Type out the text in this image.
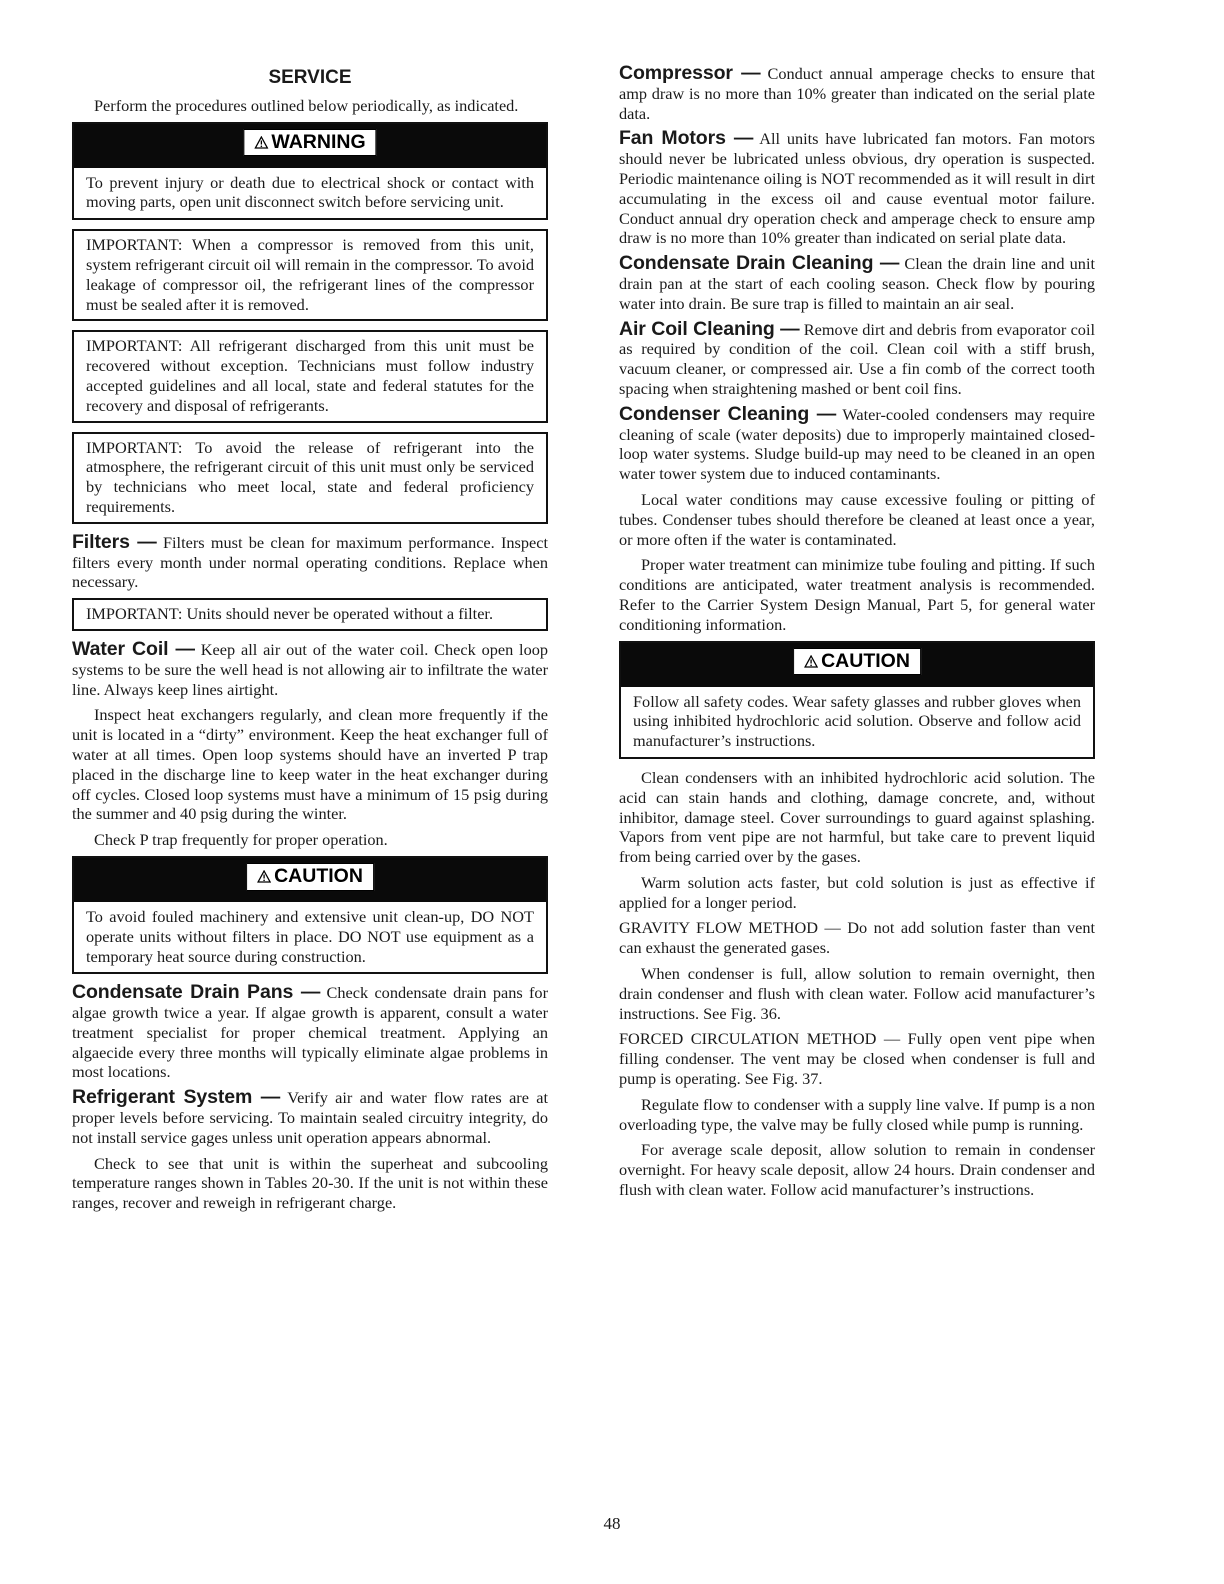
SERVICE

Perform the procedures outlined below periodically, as indicated.

WARNING

To prevent injury or death due to electrical shock or contact with moving parts, open unit disconnect switch before servicing unit.

IMPORTANT: When a compressor is removed from this unit, system refrigerant circuit oil will remain in the compressor. To avoid leakage of compressor oil, the refrigerant lines of the compressor must be sealed after it is removed.

IMPORTANT: All refrigerant discharged from this unit must be recovered without exception. Technicians must follow industry accepted guidelines and all local, state and federal statutes for the recovery and disposal of refrigerants.

IMPORTANT: To avoid the release of refrigerant into the atmosphere, the refrigerant circuit of this unit must only be serviced by technicians who meet local, state and federal proficiency requirements.

Filters — Filters must be clean for maximum performance. Inspect filters every month under normal operating conditions. Replace when necessary.

IMPORTANT: Units should never be operated without a filter.

Water Coil — Keep all air out of the water coil. Check open loop systems to be sure the well head is not allowing air to infiltrate the water line. Always keep lines airtight.

Inspect heat exchangers regularly, and clean more frequently if the unit is located in a “dirty” environment. Keep the heat exchanger full of water at all times. Open loop systems should have an inverted P trap placed in the discharge line to keep water in the heat exchanger during off cycles. Closed loop systems must have a minimum of 15 psig during the summer and 40 psig during the winter.

Check P trap frequently for proper operation.

CAUTION

To avoid fouled machinery and extensive unit clean-up, DO NOT operate units without filters in place. DO NOT use equipment as a temporary heat source during construction.

Condensate Drain Pans — Check condensate drain pans for algae growth twice a year. If algae growth is apparent, consult a water treatment specialist for proper chemical treatment. Applying an algaecide every three months will typically eliminate algae problems in most locations.

Refrigerant System — Verify air and water flow rates are at proper levels before servicing. To maintain sealed circuitry integrity, do not install service gages unless unit operation appears abnormal.

Check to see that unit is within the superheat and subcooling temperature ranges shown in Tables 20-30. If the unit is not within these ranges, recover and reweigh in refrigerant charge.

Compressor — Conduct annual amperage checks to ensure that amp draw is no more than 10% greater than indicated on the serial plate data.

Fan Motors — All units have lubricated fan motors. Fan motors should never be lubricated unless obvious, dry operation is suspected. Periodic maintenance oiling is NOT recommended as it will result in dirt accumulating in the excess oil and cause eventual motor failure. Conduct annual dry operation check and amperage check to ensure amp draw is no more than 10% greater than indicated on serial plate data.

Condensate Drain Cleaning — Clean the drain line and unit drain pan at the start of each cooling season. Check flow by pouring water into drain. Be sure trap is filled to maintain an air seal.

Air Coil Cleaning — Remove dirt and debris from evaporator coil as required by condition of the coil. Clean coil with a stiff brush, vacuum cleaner, or compressed air. Use a fin comb of the correct tooth spacing when straightening mashed or bent coil fins.

Condenser Cleaning — Water-cooled condensers may require cleaning of scale (water deposits) due to improperly maintained closed-loop water systems. Sludge build-up may need to be cleaned in an open water tower system due to induced contaminants.

Local water conditions may cause excessive fouling or pitting of tubes. Condenser tubes should therefore be cleaned at least once a year, or more often if the water is contaminated.

Proper water treatment can minimize tube fouling and pitting. If such conditions are anticipated, water treatment analysis is recommended. Refer to the Carrier System Design Manual, Part 5, for general water conditioning information.

CAUTION

Follow all safety codes. Wear safety glasses and rubber gloves when using inhibited hydrochloric acid solution. Observe and follow acid manufacturer’s instructions.

Clean condensers with an inhibited hydrochloric acid solution. The acid can stain hands and clothing, damage concrete, and, without inhibitor, damage steel. Cover surroundings to guard against splashing. Vapors from vent pipe are not harmful, but take care to prevent liquid from being carried over by the gases.

Warm solution acts faster, but cold solution is just as effective if applied for a longer period.

GRAVITY FLOW METHOD — Do not add solution faster than vent can exhaust the generated gases.

When condenser is full, allow solution to remain overnight, then drain condenser and flush with clean water. Follow acid manufacturer’s instructions. See Fig. 36.

FORCED CIRCULATION METHOD — Fully open vent pipe when filling condenser. The vent may be closed when condenser is full and pump is operating. See Fig. 37.

Regulate flow to condenser with a supply line valve. If pump is a non overloading type, the valve may be fully closed while pump is running.

For average scale deposit, allow solution to remain in condenser overnight. For heavy scale deposit, allow 24 hours. Drain condenser and flush with clean water. Follow acid manufacturer’s instructions.

48
